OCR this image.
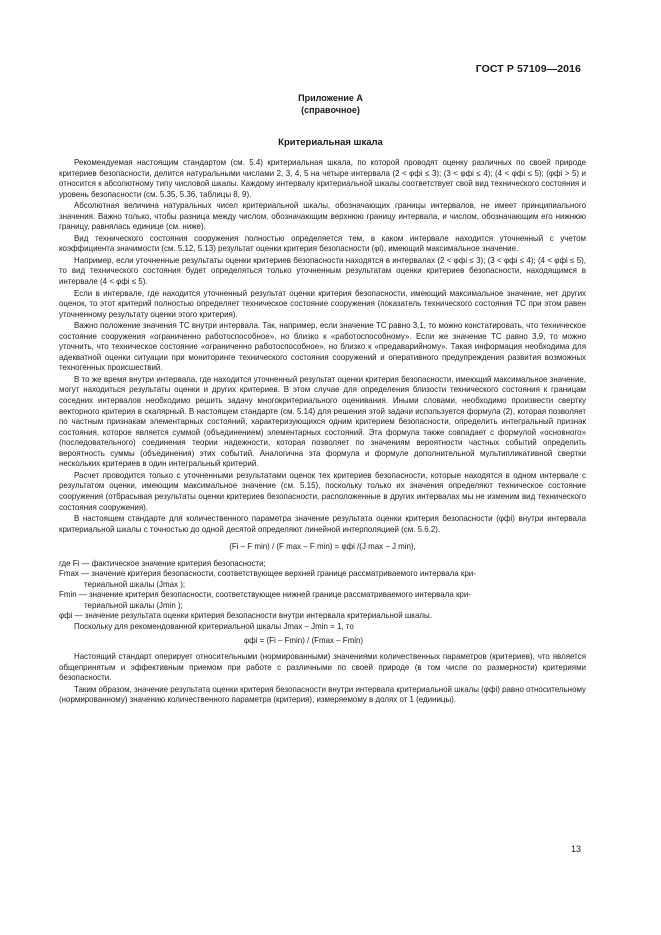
ГОСТ Р 57109—2016
Приложение А
(справочное)
Критериальная шкала

Рекомендуемая настоящим стандартом (см. 5.4) критериальная шкала, по которой проводят оценку различных по своей природе критериев безопасности, делится натуральными числами 2, 3, 4, 5 на четыре интервала (2 < φфi ≤ 3); (3 < φфi ≤ 4); (4 < φфi ≤ 5); (φфi > 5) и относится к абсолютному типу числовой шкалы. Каждому интервалу критериальной шкалы соответствует свой вид технического состояния и уровень безопасности (см. 5.35, 5.36, таблицы 8, 9).

Абсолютная величина натуральных чисел критериальной шкалы, обозначающих границы интервалов, не имеет принципиального значения. Важно только, чтобы разница между числом, обозначающим верхнюю границу интервала, и числом, обозначающим его нижнюю границу, равнялась единице (см. ниже).

Вид технического состояния сооружения полностью определяется тем, в каком интервале находится уточненный с учетом коэффициента значимости (см. 5.12, 5.13) результат оценки критерия безопасности (φi), имеющий максимальное значение.

Например, если уточненные результаты оценки критериев безопасности находятся в интервалах (2 < φфi ≤ 3); (3 < φфi ≤ 4); (4 < φфi ≤ 5), то вид технического состояния будет определяться только уточненным результатам оценки критериев безопасности, находящимся в интервале (4 < φфi ≤ 5).

Если в интервале, где находится уточненный результат оценки критерия безопасности, имеющий максимальное значение, нет других оценок, то этот критерий полностью определяет техническое состояние сооружения (показатель технического состояния ТС при этом равен уточненному результату оценки этого критерия).

Важно положение значения ТС внутри интервала. Так, например, если значение ТС равно 3,1, то можно констатировать, что техническое состояние сооружения «ограниченно работоспособное», но близко к «работоспособному». Если же значение ТС равно 3,9, то можно уточнить, что техническое состояние «ограниченно работоспособное», но близко к «предаварийному». Такая информация необходима для адекватной оценки ситуации при мониторинге технического состояния сооружений и оперативного предупреждения развития возможных техногенных происшествий.

В то же время внутри интервала, где находится уточненный результат оценки критерия безопасности, имеющий максимальное значение, могут находиться результаты оценки и других критериев. В этом случае для определения близости технического состояния к границам соседних интервалов необходимо решить задачу многокритериального оценивания. Иными словами, необходимо произвести свертку векторного критерия в скалярный. В настоящем стандарте (см. 5.14) для решения этой задачи используется формула (2), которая позволяет по частным признакам элементарных состояний, характеризующихся одним критерием безопасности, определить интегральный признак состояния, которое является суммой (объединением) элементарных состояний. Эта формула также совпадает с формулой «основного» (последовательного) соединения теории надежности, которая позволяет по значениям вероятности частных событий определить вероятность суммы (объединения) этих событий. Аналогична эта формула и формуле дополнительной мультипликативной свертки нескольких критериев в один интегральный критерий.

Расчет проводится только с уточненными результатами оценок тех критериев безопасности, которые находятся в одном интервале с результатом оценки, имеющим максимальное значение (см. 5.15), поскольку только их значения определяют техническое состояние сооружения (отбрасывая результаты оценки критериев безопасности, расположенные в других интервалах мы не изменим вид технического состояния сооружения).

В настоящем стандарте для количественного параметра значение результата оценки критерия безопасности (φфi) внутри интервала критериальной шкалы с точностью до одной десятой определяют линейной интерполяцией (см. 5.6.2).

(Fi – F min) / (F max – F min) = φфi /(J max – J min),
где Fi — фактическое значение критерия безопасности;
Fmax — значение критерия безопасности, соответствующее верхней границе рассматриваемого интервала кри-
териальной шкалы (Jmax );
Fmin — значение критерия безопасности, соответствующее нижней границе рассматриваемого интервала кри-
териальной шкалы (Jmin );
φфi — значение результата оценки критерия безопасности внутри интервала критериальной шкалы.
Поскольку для рекомендованной критериальной шкалы Jmax – Jmin = 1, то
φфi = (Fi – Fmin) / (Fmax – Fmin)

Настоящий стандарт оперирует относительными (нормированными) значениями количественных параметров (критериев), что является общепринятым и эффективным приемом при работе с различными по своей природе (в том числе по размерности) критериями безопасности.

Таким образом, значение результата оценки критерия безопасности внутри интервала критериальной шкалы (φфi) равно относительному (нормированному) значению количественного параметра (критерия), измеряемому в долях от 1 (единицы).

13
